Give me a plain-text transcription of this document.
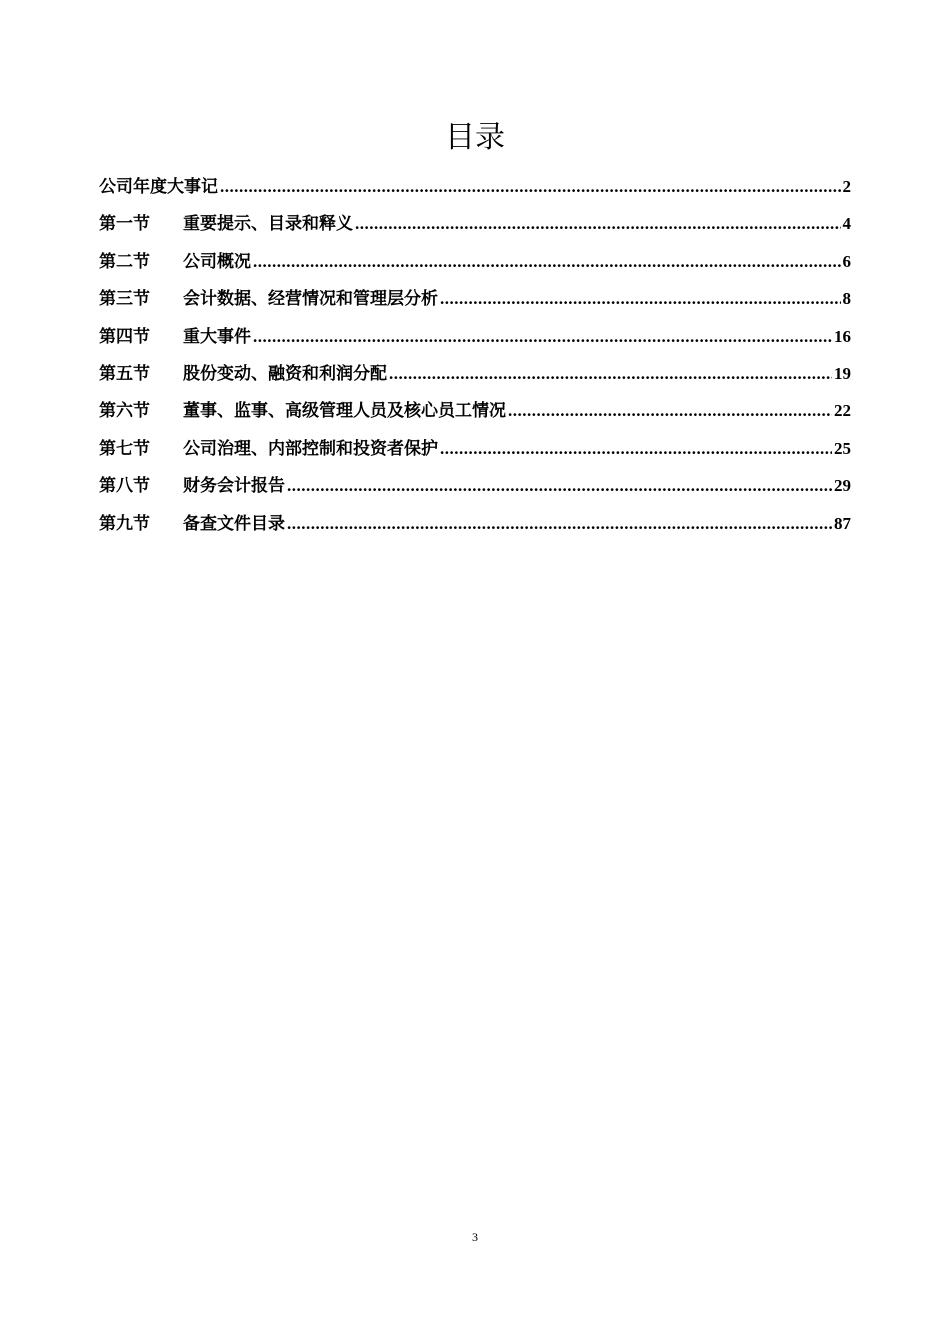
目录
公司年度大事记 .....	2
第一节	重要提示、目录和释义 .....	4
第二节	公司概况 .....	6
第三节	会计数据、经营情况和管理层分析 .....	8
第四节	重大事件 .....	16
第五节	股份变动、融资和利润分配 .....	19
第六节	董事、监事、高级管理人员及核心员工情况 .....	22
第七节	公司治理、内部控制和投资者保护 .....	25
第八节	财务会计报告 .....	29
第九节	备查文件目录 .....	87
3
